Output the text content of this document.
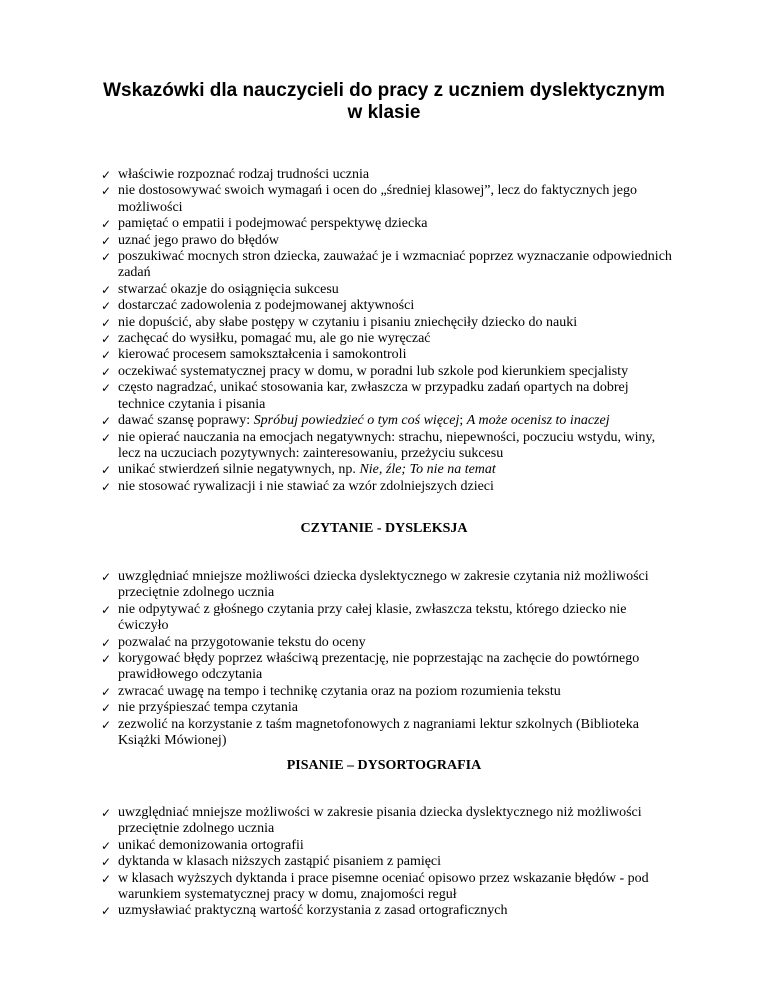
Wskazówki dla nauczycieli do pracy z uczniem dyslektycznym
w klasie
✓ właściwie rozpoznać rodzaj trudności ucznia
✓ nie dostosowywać swoich wymagań i ocen do „średniej klasowej”, lecz do faktycznych jego możliwości
✓ pamiętać o empatii i podejmować perspektywę dziecka
✓ uznać jego prawo do błędów
✓ poszukiwać mocnych stron dziecka, zauważać je i wzmacniać poprzez wyznaczanie odpowiednich zadań
✓ stwarzać okazje do osiągnięcia sukcesu
✓ dostarczać zadowolenia z podejmowanej aktywności
✓ nie dopuścić, aby słabe postępy w czytaniu i pisaniu zniechęciły dziecko do nauki
✓ zachęcać do wysiłku, pomagać mu, ale go nie wyręczać
✓ kierować procesem samokształcenia i samokontroli
✓ oczekiwać systematycznej pracy w domu, w poradni lub szkole pod kierunkiem specjalisty
✓ często nagradzać, unikać stosowania kar, zwłaszcza w przypadku zadań opartych na dobrej technice czytania i pisania
✓ dawać szansę poprawy: Spróbuj powiedzieć o tym coś więcej; A może ocenisz to inaczej
✓ nie opierać nauczania na emocjach negatywnych: strachu, niepewności, poczuciu wstydu, winy, lecz na uczuciach pozytywnych: zainteresowaniu, przeżyciu sukcesu
✓ unikać stwierdzeń silnie negatywnych, np. Nie, źle; To nie na temat
✓ nie stosować rywalizacji i nie stawiać za wzór zdolniejszych dzieci
CZYTANIE - DYSLEKSJA
✓ uwzględniać mniejsze możliwości dziecka dyslektycznego w zakresie czytania niż możliwości przeciętnie zdolnego ucznia
✓ nie odpytywać z głośnego czytania przy całej klasie, zwłaszcza tekstu, którego dziecko nie ćwiczyło
✓ pozwalać na przygotowanie tekstu do oceny
✓ korygować błędy poprzez właściwą prezentację, nie poprzestając na zachęcie do powtórnego prawidłowego odczytania
✓ zwracać uwagę na tempo i technikę czytania oraz na poziom rozumienia tekstu
✓ nie przyśpieszać tempa czytania
✓ zezwolić na korzystanie z taśm magnetofonowych z nagraniami lektur szkolnych (Biblioteka Książki Mówionej)
PISANIE – DYSORTOGRAFIA
✓ uwzględniać mniejsze możliwości w zakresie pisania dziecka dyslektycznego niż możliwości przeciętnie zdolnego ucznia
✓ unikać demonizowania ortografii
✓ dyktanda w klasach niższych zastąpić pisaniem z pamięci
✓ w klasach wyższych dyktanda i prace pisemne oceniać opisowo przez wskazanie błędów - pod warunkiem systematycznej pracy w domu, znajomości reguł
✓ uzmysławiać praktyczną wartość korzystania z zasad ortograficznych
